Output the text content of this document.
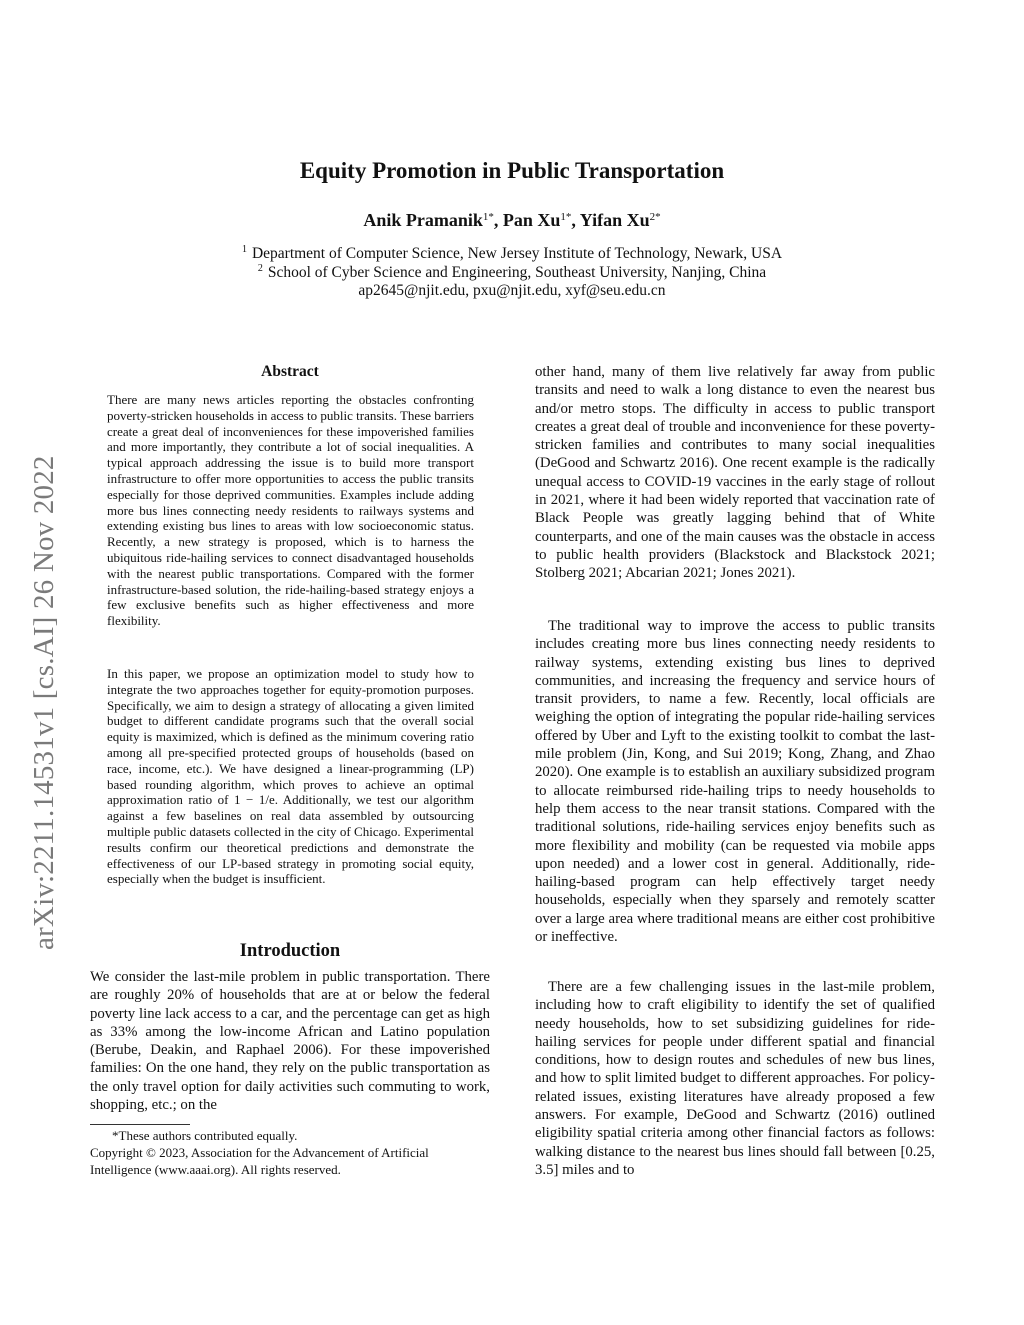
Equity Promotion in Public Transportation
Anik Pramanik$^{1*}$, Pan $Xu^{1*}$, Yifan $Xu^{2*}$
$^1$ Department of Computer Science, New Jersey Institute of Technology, Newark, USA
$^2$ School of Cyber Science and Engineering, Southeast University, Nanjing, China
ap2645@njit.edu, pxu@njit.edu, xyf@seu.edu.cn
arXiv:2211.14531v1 [cs.AI] 26 Nov 2022
Abstract

There are many news articles reporting the obstacles confronting poverty-stricken households in access to public transits. These barriers create a great deal of inconveniences for these impoverished families and more importantly, they contribute a lot of social inequalities. A typical approach addressing the issue is to build more transport infrastructure to offer more opportunities to access the public transits especially for those deprived communities. Examples include adding more bus lines connecting needy residents to railways systems and extending existing bus lines to areas with low socioeconomic status. Recently, a new strategy is proposed, which is to harness the ubiquitous ride-hailing services to connect disadvantaged households with the nearest public transportations. Compared with the former infrastructure-based solution, the ride-hailing-based strategy enjoys a few exclusive benefits such as higher effectiveness and more flexibility.

In this paper, we propose an optimization model to study how to integrate the two approaches together for equity-promotion purposes. Specifically, we aim to design a strategy of allocating a given limited budget to different candidate programs such that the overall social equity is maximized, which is defined as the minimum covering ratio among all pre-specified protected groups of households (based on race, income, etc.). We have designed a linear-programming (LP) based rounding algorithm, which proves to achieve an optimal approximation ratio of 1 − 1/e. Additionally, we test our algorithm against a few baselines on real data assembled by outsourcing multiple public datasets collected in the city of Chicago. Experimental results confirm our theoretical predictions and demonstrate the effectiveness of our LP-based strategy in promoting social equity, especially when the budget is insufficient.

Introduction

We consider the last-mile problem in public transportation. There are roughly 20% of households that are at or below the federal poverty line lack access to a car, and the percentage can get as high as 33% among the low-income African and Latino population (Berube, Deakin, and Raphael 2006). For these impoverished families: On the one hand, they rely on the public transportation as the only travel option for daily activities such commuting to work, shopping, etc.; on the

*These authors contributed equally.
Copyright © 2023, Association for the Advancement of Artificial Intelligence (www.aaai.org). All rights reserved.

other hand, many of them live relatively far away from public transits and need to walk a long distance to even the nearest bus and/or metro stops. The difficulty in access to public transport creates a great deal of trouble and inconvenience for these poverty-stricken families and contributes to many social inequalities (DeGood and Schwartz 2016). One recent example is the radically unequal access to COVID-19 vaccines in the early stage of rollout in 2021, where it had been widely reported that vaccination rate of Black People was greatly lagging behind that of White counterparts, and one of the main causes was the obstacle in access to public health providers (Blackstock and Blackstock 2021; Stolberg 2021; Abcarian 2021; Jones 2021).

The traditional way to improve the access to public transits includes creating more bus lines connecting needy residents to railway systems, extending existing bus lines to deprived communities, and increasing the frequency and service hours of transit providers, to name a few. Recently, local officials are weighing the option of integrating the popular ride-hailing services offered by Uber and Lyft to the existing toolkit to combat the last-mile problem (Jin, Kong, and Sui 2019; Kong, Zhang, and Zhao 2020). One example is to establish an auxiliary subsidized program to allocate reimbursed ride-hailing trips to needy households to help them access to the near transit stations. Compared with the traditional solutions, ride-hailing services enjoy benefits such as more flexibility and mobility (can be requested via mobile apps upon needed) and a lower cost in general. Additionally, ride-hailing-based program can help effectively target needy households, especially when they sparsely and remotely scatter over a large area where traditional means are either cost prohibitive or ineffective.

There are a few challenging issues in the last-mile problem, including how to craft eligibility to identify the set of qualified needy households, how to set subsidizing guidelines for ride-hailing services for people under different spatial and financial conditions, how to design routes and schedules of new bus lines, and how to split limited budget to different approaches. For policy-related issues, existing literatures have already proposed a few answers. For example, DeGood and Schwartz (2016) outlined eligibility spatial criteria among other financial factors as follows: walking distance to the nearest bus lines should fall between [0.25, 3.5] miles and to
